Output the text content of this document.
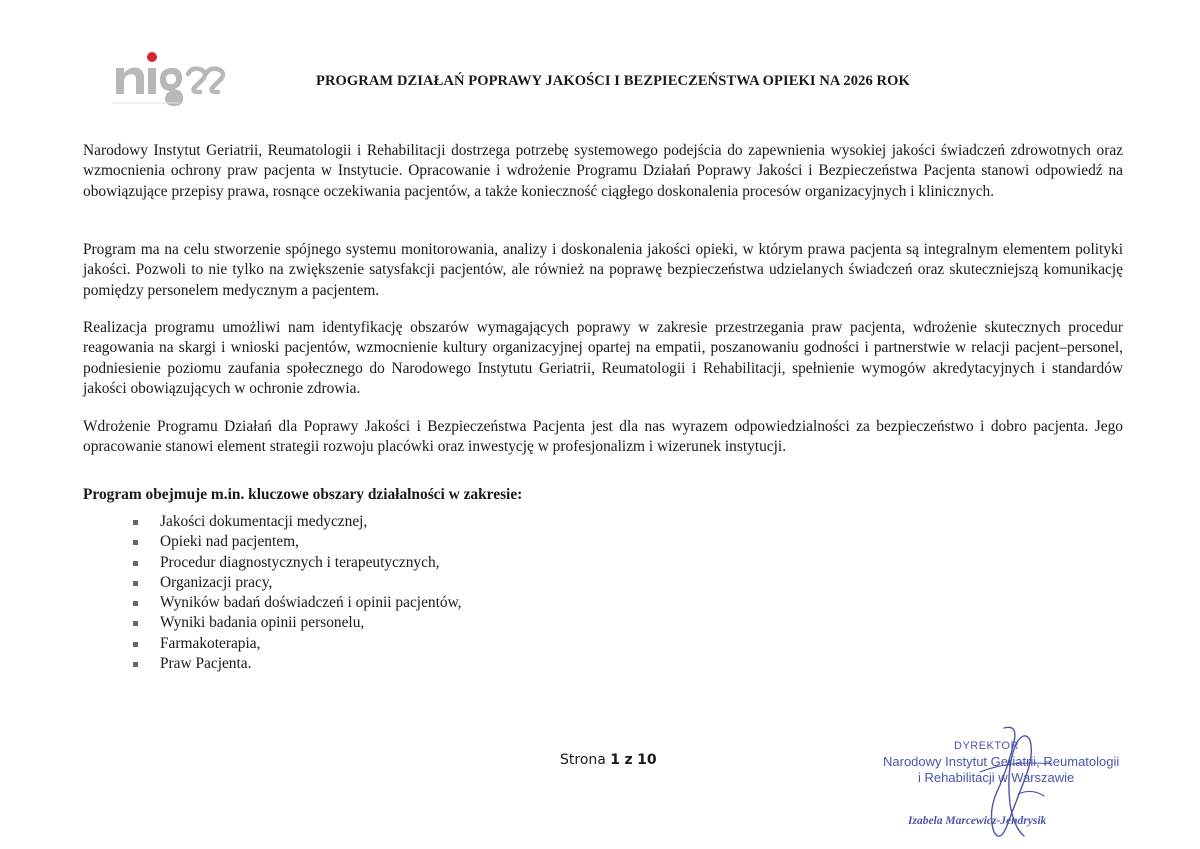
PROGRAM DZIAŁAŃ POPRAWY JAKOŚCI I BEZPIECZEŃSTWA OPIEKI NA 2026 ROK

Narodowy Instytut Geriatrii, Reumatologii i Rehabilitacji dostrzega potrzebę systemowego podejścia do zapewnienia wysokiej jakości świadczeń zdrowotnych oraz wzmocnienia ochrony praw pacjenta w Instytucie. Opracowanie i wdrożenie Programu Działań Poprawy Jakości i Bezpieczeństwa Pacjenta stanowi odpowiedź na obowiązujące przepisy prawa, rosnące oczekiwania pacjentów, a także konieczność ciągłego doskonalenia procesów organizacyjnych i klinicznych.

Program ma na celu stworzenie spójnego systemu monitorowania, analizy i doskonalenia jakości opieki, w którym prawa pacjenta są integralnym elementem polityki jakości. Pozwoli to nie tylko na zwiększenie satysfakcji pacjentów, ale również na poprawę bezpieczeństwa udzielanych świadczeń oraz skuteczniejszą komunikację pomiędzy personelem medycznym a pacjentem.

Realizacja programu umożliwi nam identyfikację obszarów wymagających poprawy w zakresie przestrzegania praw pacjenta, wdrożenie skutecznych procedur reagowania na skargi i wnioski pacjentów, wzmocnienie kultury organizacyjnej opartej na empatii, poszanowaniu godności i partnerstwie w relacji pacjent–personel, podniesienie poziomu zaufania społecznego do Narodowego Instytutu Geriatrii, Reumatologii i Rehabilitacji, spełnienie wymogów akredytacyjnych i standardów jakości obowiązujących w ochronie zdrowia.

Wdrożenie Programu Działań dla Poprawy Jakości i Bezpieczeństwa Pacjenta jest dla nas wyrazem odpowiedzialności za bezpieczeństwo i dobro pacjenta. Jego opracowanie stanowi element strategii rozwoju placówki oraz inwestycję w profesjonalizm i wizerunek instytucji.

Program obejmuje m.in. kluczowe obszary działalności w zakresie:
Jakości dokumentacji medycznej,
Opieki nad pacjentem,
Procedur diagnostycznych i terapeutycznych,
Organizacji pracy,
Wyników badań doświadczeń i opinii pacjentów,
Wyniki badania opinii personelu,
Farmakoterapia,
Praw Pacjenta.
Strona 1 z 10
DYREKTOR
Narodowy Instytut Geriatrii, Reumatologii
i Rehabilitacji w Warszawie
Izabela Marcewicz-Jendrysik
